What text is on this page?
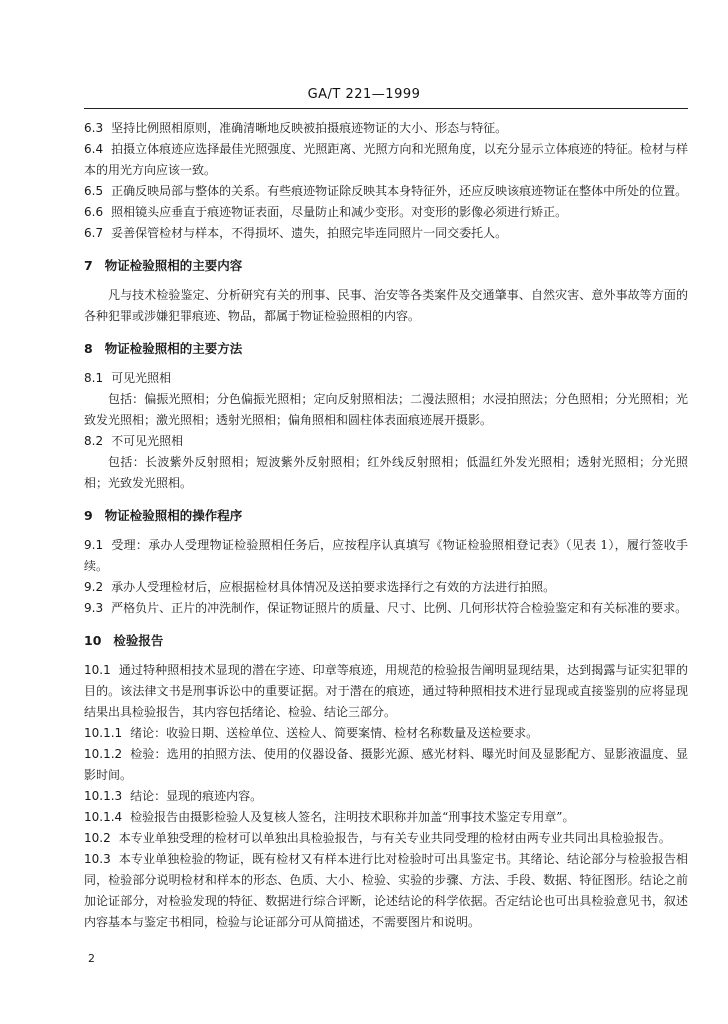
GA/T 221—1999

6.3 坚持比例照相原则，准确清晰地反映被拍摄痕迹物证的大小、形态与特征。

6.4 拍摄立体痕迹应选择最佳光照强度、光照距离、光照方向和光照角度，以充分显示立体痕迹的特征。检材与样本的用光方向应该一致。

6.5 正确反映局部与整体的关系。有些痕迹物证除反映其本身特征外，还应反映该痕迹物证在整体中所处的位置。

6.6 照相镜头应垂直于痕迹物证表面，尽量防止和减少变形。对变形的影像必须进行矫正。

6.7 妥善保管检材与样本，不得损坏、遗失，拍照完毕连同照片一同交委托人。

7 物证检验照相的主要内容

凡与技术检验鉴定、分析研究有关的刑事、民事、治安等各类案件及交通肇事、自然灾害、意外事故等方面的各种犯罪或涉嫌犯罪痕迹、物品，都属于物证检验照相的内容。

8 物证检验照相的主要方法

8.1 可见光照相

包括：偏振光照相；分色偏振光照相；定向反射照相法；二漫法照相；水浸拍照法；分色照相；分光照相；光致发光照相；激光照相；透射光照相；偏角照相和圆柱体表面痕迹展开摄影。

8.2 不可见光照相

包括：长波紫外反射照相；短波紫外反射照相；红外线反射照相；低温红外发光照相；透射光照相；分光照相；光致发光照相。

9 物证检验照相的操作程序

9.1 受理：承办人受理物证检验照相任务后，应按程序认真填写《物证检验照相登记表》（见表 1），履行签收手续。

9.2 承办人受理检材后，应根据检材具体情况及送拍要求选择行之有效的方法进行拍照。

9.3 严格负片、正片的冲洗制作，保证物证照片的质量、尺寸、比例、几何形状符合检验鉴定和有关标准的要求。

10 检验报告

10.1 通过特种照相技术显现的潜在字迹、印章等痕迹，用规范的检验报告阐明显现结果，达到揭露与证实犯罪的目的。该法律文书是刑事诉讼中的重要证据。对于潜在的痕迹，通过特种照相技术进行显现或直接鉴别的应将显现结果出具检验报告，其内容包括绪论、检验、结论三部分。

10.1.1 绪论：收验日期、送检单位、送检人、简要案情、检材名称数量及送检要求。

10.1.2 检验：选用的拍照方法、使用的仪器设备、摄影光源、感光材料、曝光时间及显影配方、显影液温度、显影时间。

10.1.3 结论：显现的痕迹内容。

10.1.4 检验报告由摄影检验人及复核人签名，注明技术职称并加盖“刑事技术鉴定专用章”。

10.2 本专业单独受理的检材可以单独出具检验报告，与有关专业共同受理的检材由两专业共同出具检验报告。

10.3 本专业单独检验的物证，既有检材又有样本进行比对检验时可出具鉴定书。其绪论、结论部分与检验报告相同，检验部分说明检材和样本的形态、色质、大小、检验、实验的步骤、方法、手段、数据、特征图形。结论之前加论证部分，对检验发现的特征、数据进行综合评断，论述结论的科学依据。否定结论也可出具检验意见书，叙述内容基本与鉴定书相同，检验与论证部分可从简描述，不需要图片和说明。

2
